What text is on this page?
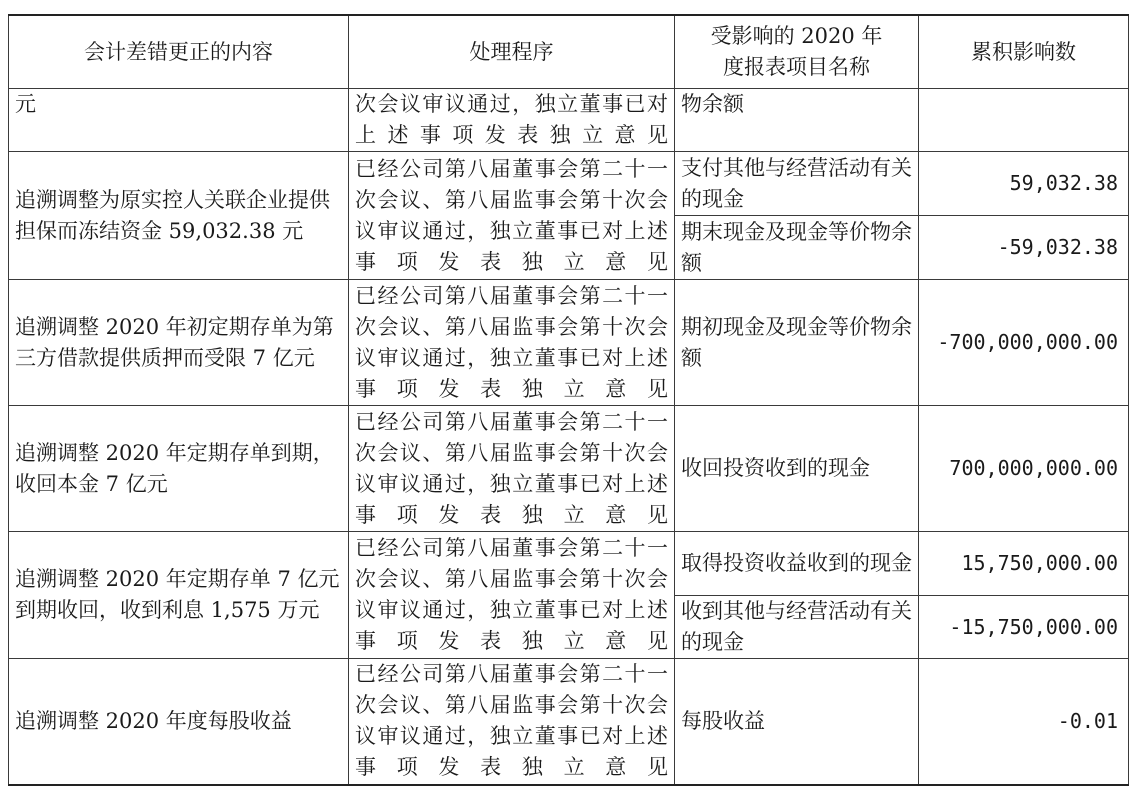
会计差错更正的内容	处理程序	受影响的 2020 年度报表项目名称	累积影响数
元	次会议审议通过，独立董事已对上述事项发表独立意见	物余额	
追溯调整为原实控人关联企业提供担保而冻结资金 59,032.38 元	已经公司第八届董事会第二十一次会议、第八届监事会第十次会议审议通过，独立董事已对上述事项发表独立意见	支付其他与经营活动有关的现金	59,032.38
		期末现金及现金等价物余额	-59,032.38
追溯调整 2020 年初定期存单为第三方借款提供质押而受限 7 亿元	已经公司第八届董事会第二十一次会议、第八届监事会第十次会议审议通过，独立董事已对上述事项发表独立意见	期初现金及现金等价物余额	-700,000,000.00
追溯调整 2020 年定期存单到期，收回本金 7 亿元	已经公司第八届董事会第二十一次会议、第八届监事会第十次会议审议通过，独立董事已对上述事项发表独立意见	收回投资收到的现金	700,000,000.00
追溯调整 2020 年定期存单 7 亿元到期收回，收到利息 1,575 万元	已经公司第八届董事会第二十一次会议、第八届监事会第十次会议审议通过，独立董事已对上述事项发表独立意见	取得投资收益收到的现金	15,750,000.00
		收到其他与经营活动有关的现金	-15,750,000.00
追溯调整 2020 年度每股收益	已经公司第八届董事会第二十一次会议、第八届监事会第十次会议审议通过，独立董事已对上述事项发表独立意见	每股收益	-0.01
